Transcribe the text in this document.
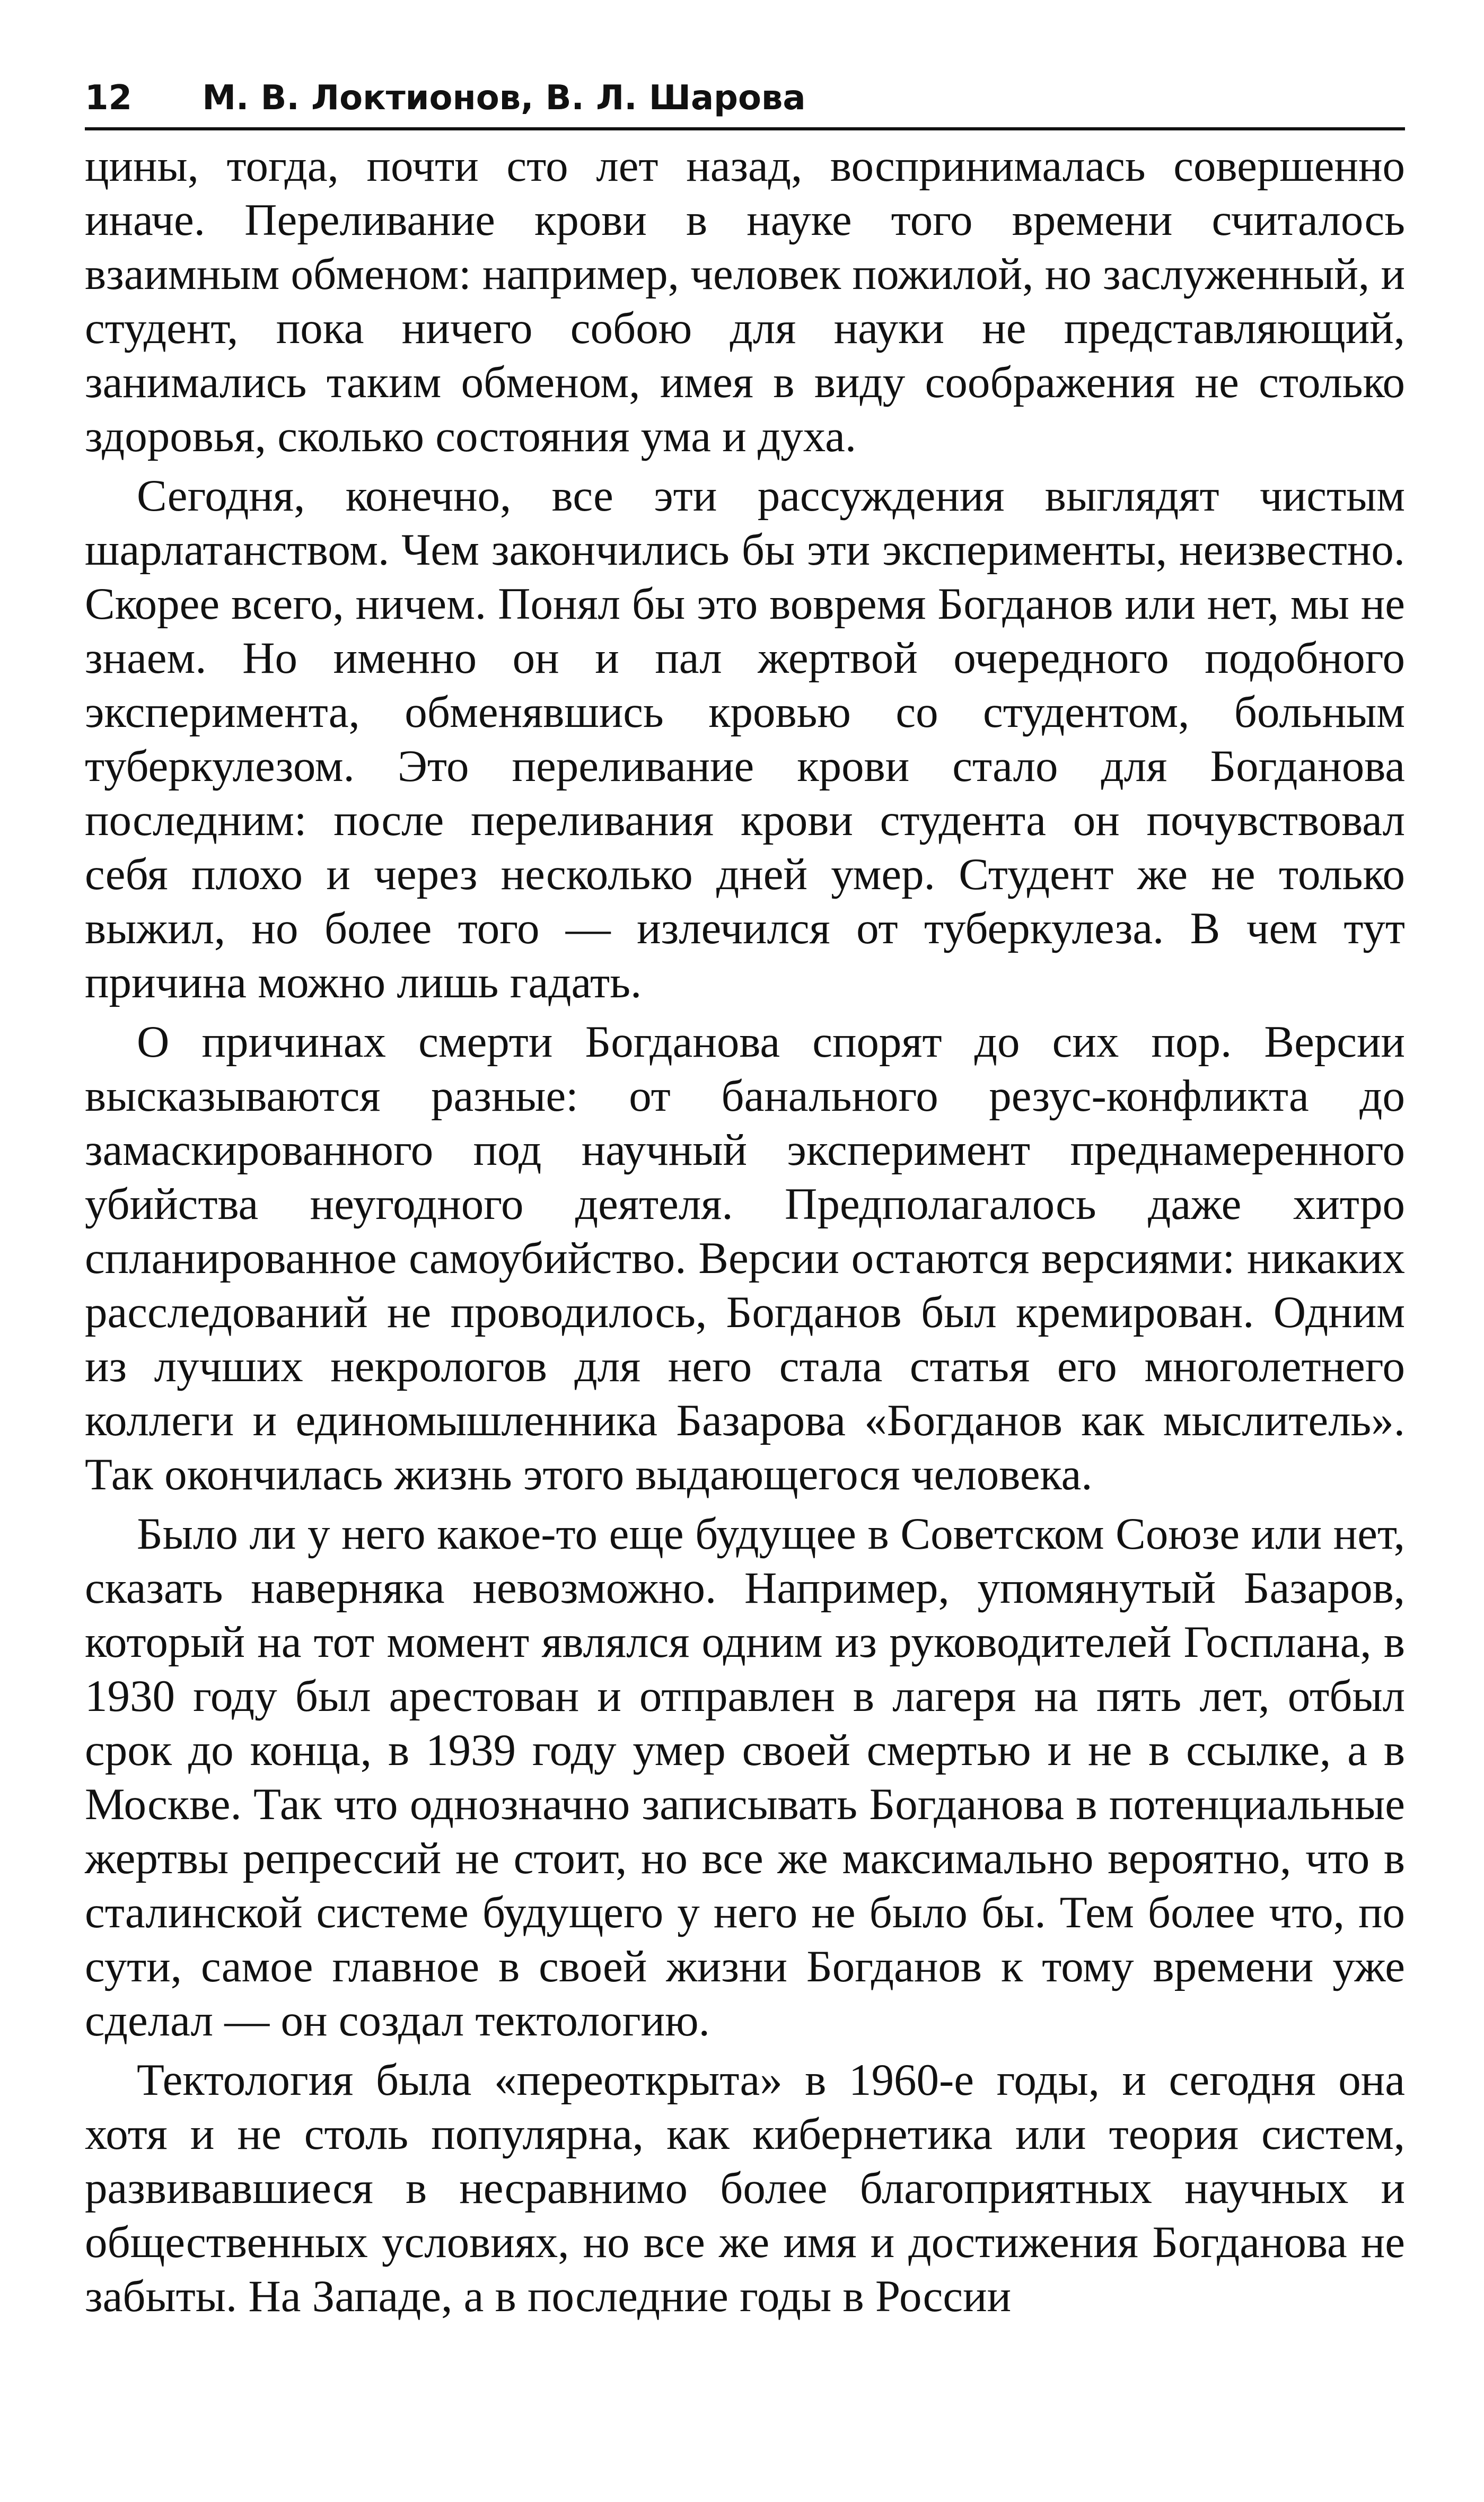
12 М. В. Локтионов, В. Л. Шарова

цины, тогда, почти сто лет назад, воспринималась совершенно иначе. Переливание крови в науке того времени считалось взаимным обменом: например, человек пожилой, но заслуженный, и студент, пока ничего собою для науки не представляющий, занимались таким обменом, имея в виду соображения не столько здоровья, сколько состояния ума и духа.

Сегодня, конечно, все эти рассуждения выглядят чистым шарлатанством. Чем закончились бы эти эксперименты, неизвестно. Скорее всего, ничем. Понял бы это вовремя Богданов или нет, мы не знаем. Но именно он и пал жертвой очередного подобного эксперимента, обменявшись кровью со студентом, больным туберкулезом. Это переливание крови стало для Богданова последним: после переливания крови студента он почувствовал себя плохо и через несколько дней умер. Студент же не только выжил, но более того — излечился от туберкулеза. В чем тут причина можно лишь гадать.

О причинах смерти Богданова спорят до сих пор. Версии высказываются разные: от банального резус-конфликта до замаскированного под научный эксперимент преднамеренного убийства неугодного деятеля. Предполагалось даже хитро спланированное самоубийство. Версии остаются версиями: никаких расследований не проводилось, Богданов был кремирован. Одним из лучших некрологов для него стала статья его многолетнего коллеги и единомышленника Базарова «Богданов как мыслитель». Так окончилась жизнь этого выдающегося человека.

Было ли у него какое-то еще будущее в Советском Союзе или нет, сказать наверняка невозможно. Например, упомянутый Базаров, который на тот момент являлся одним из руководителей Госплана, в 1930 году был арестован и отправлен в лагеря на пять лет, отбыл срок до конца, в 1939 году умер своей смертью и не в ссылке, а в Москве. Так что однозначно записывать Богданова в потенциальные жертвы репрессий не стоит, но все же максимально вероятно, что в сталинской системе будущего у него не было бы. Тем более что, по сути, самое главное в своей жизни Богданов к тому времени уже сделал — он создал тектологию.

Тектология была «переоткрыта» в 1960-е годы, и сегодня она хотя и не столь популярна, как кибернетика или теория систем, развивавшиеся в несравнимо более благоприятных научных и общественных условиях, но все же имя и достижения Богданова не забыты. На Западе, а в последние годы в России
